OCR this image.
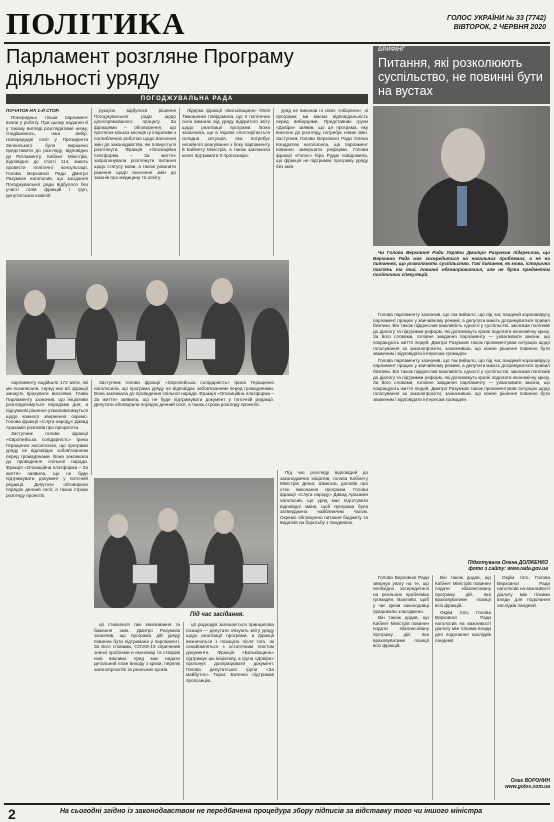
ПОЛІТИКА	ГОЛОС УКРАЇНИ № 33 (7742)
ВІВТОРОК, 2 ЧЕРВНЯ 2020
Парламент розгляне Програму діяльності уряду
ПОГОДЖУВАЛЬНА РАДА

ПОЧАТОК НА 1-Й СТОР.

Попередньо тільки парламент взяли у роботу. При цьому надання й у такому вигляді розглядатиме низку, сподіваємось, наш вибір. Напередодні сесії у Президента Зеленського було вирішено представити до розгляду, відповідно до Регламенту. Кабінет Міністрів, відповідно до статті 114, мають провести політичні консультації. Голова Верховної Ради Дмитро Разумков наголосив, що засідання Погоджувальної ради відбулося без участі голів фракцій і груп, депутатських комісій.

рукцією відбулося рішення Погоджувальної ради щодо цілеспрямованого процесу. За фракціями – обговорення, що протягом кількох місяців ці ініціативи з поглибленою роботою щодо внесення змін до законодавства, які планується розглянути. Фракція «Опозиційна платформа – За життя» запропонувала розглянути питання щодо статусу мови, а також ухвалити рішення щодо внесення змін до законів про медицину та освіту.

Лідерка фракції «Батьківщина» Юлія Тимошенко повідомила, що її політична сила вимагає від уряду відкритого звіту щодо реалізації програми. Вона зазначила, що в Україні спостерігається складна ситуація, яка потребує негайного реагування з боку парламенту й Кабінету Міністрів, а також закликала колег підтримати її пропозицію.

уряд не виконав ні своїх «обіцянок», ні програми; ми маємо відповідальність перед виборцями. Представник групи «Довіра» заявив, що ця програма, яку внесено до розгляду, потребує нових змін. Заступник Голови Верховної Ради Олена Кондратюк наголосила, що парламент повинен завершити реформи. Голова фракції «Голос» Кіра Рудик повідомила, що фракція не підтримає програму уряду без змін.

парламенту надійшло 172 звіти, які ми позаписали, серед них всі фракції зможуть врахувати висновки. Глава Парламенту зазначив, що ініціативи розглядатимуться впродовж дня, а підсумкові рішення ухвалюватимуться щодо кожного звернення окремо. Голова фракції «Слуга народу» Давид Арахамія розповів про пріоритети.

Заступник голови фракції «Європейська солідарність» Ірина Геращенко наголосила, що програма уряду не відповідає зобов'язанням перед громадянами. Вона закликала до проведення спільної наради. Фракція «Опозиційна платформа – За життя» заявила, що не буде підтримувати документ у поточній редакції. Депутати обговорили порядок денний сесії, а також строки розгляду проектів.

Заступник голови фракції «Європейська солідарність» Ірина Геращенко наголосила, що програма уряду не відповідає зобов'язанням перед громадянами. Вона закликала до проведення спільної наради. Фракція «Опозиційна платформа – За життя» заявила, що не буде підтримувати документ у поточній редакції. Депутати обговорили порядок денний сесії, а також строки розгляду проектів.

Під час засідання.

ції стикалися такі хвилювання та бажання змін. Дмитро Разумков зазначив, що програма дій уряду повинна бути підтримана у парламенті. За його словами, COVID-19 спричинив значні проблеми в економіці та створив нові виклики. Уряд має надати детальний план виходу з кризи, перелік законопроєктів та реальних кроків.

ції раднадій залишається принципова позиція — депутати очікують звіту уряду щодо реалізації програми, а фракції визначаться з позицією після того, як ознайомляться з остаточним текстом документа. Фракція «Батьківщина» підтримує цю ініціативу, а група «Довіра» пропонує доопрацювати документ. Голова депутатської групи «За майбутнє» Тарас Батенко підтримав пропозицію.

Під час розгляду відповідей до законодавчих ініціатив, голова Кабінету Міністрів Денис Шмигаль доповів про стан виконання програми. Голова фракції «Слуга народу» Давид Арахамія наголосив, що уряд має підготувати відповідні зміни, щоб програма була затверджена найближчим часом. Окремо обговорено питання бюджету та видатків на боротьбу з пандемією.

БРИФІНГ
Питання, які розколюють суспільство, не повинні бути на вустах

Чи Голова Верховної Ради України Дмитро Разумков підкреслив, що Верховна Рада має зосередитися на нагальних проблемах, а не на питаннях, що розколюють суспільство. Такі питання, як мова, історична пам'ять та інші, повинні обговорюватися, але не бути предметом політичних спекуляцій.

Голова парламенту зазначив, що так вийшло, що під час пандемії коронавірусу парламент працює у звичайному режимі, а депутати мають дотримуватися правил безпеки. Він також підкреслив важливість єдності у суспільстві, закликав політиків до діалогу та підтримки реформ, які допоможуть країні подолати економічну кризу. За його словами, головне завдання парламенту — ухвалювати закони, що покращують життя людей. Дмитро Разумков також прокоментував ситуацію щодо голосування за законопроєкти, зазначивши, що кожне рішення повинно бути зваженим і відповідати інтересам громадян.

Голова парламенту зазначив, що так вийшло, що під час пандемії коронавірусу парламент працює у звичайному режимі, а депутати мають дотримуватися правил безпеки. Він також підкреслив важливість єдності у суспільстві, закликав політиків до діалогу та підтримки реформ, які допоможуть країні подолати економічну кризу. За його словами, головне завдання парламенту — ухвалювати закони, що покращують життя людей. Дмитро Разумков також прокоментував ситуацію щодо голосування за законопроєкти, зазначивши, що кожне рішення повинно бути зваженим і відповідати інтересам громадян.

Підготувала Олена ДОЛЖЕНКО
фото з сайту: www.rada.gov.ua

Голова Верховної Ради звернув увагу на те, що необхідно зосередитися на реальних проблемах громадян. Важливо, щоб у час кризи законодавці працювали злагоджено.

Він також додав, що Кабінет Міністрів повинен подати збалансовану програму дій, яка враховуватиме позиції всіх фракцій.

Він також додав, що Кабінет Міністрів повинен подати збалансовану програму дій, яка враховуватиме позиції всіх фракцій.

Окрім того, Голова Верховної Ради наголосив на важливості діалогу між гілками влади для подолання наслідків пандемії.

Окрім того, Голова Верховної Ради наголосив на важливості діалогу між гілками влади для подолання наслідків пандемії.

Олег ВОРОНИН
www.golos.com.ua
2	На сьогодні згідно із законодавством не передбачена процедура збору підписів за відставку того чи іншого міністра
